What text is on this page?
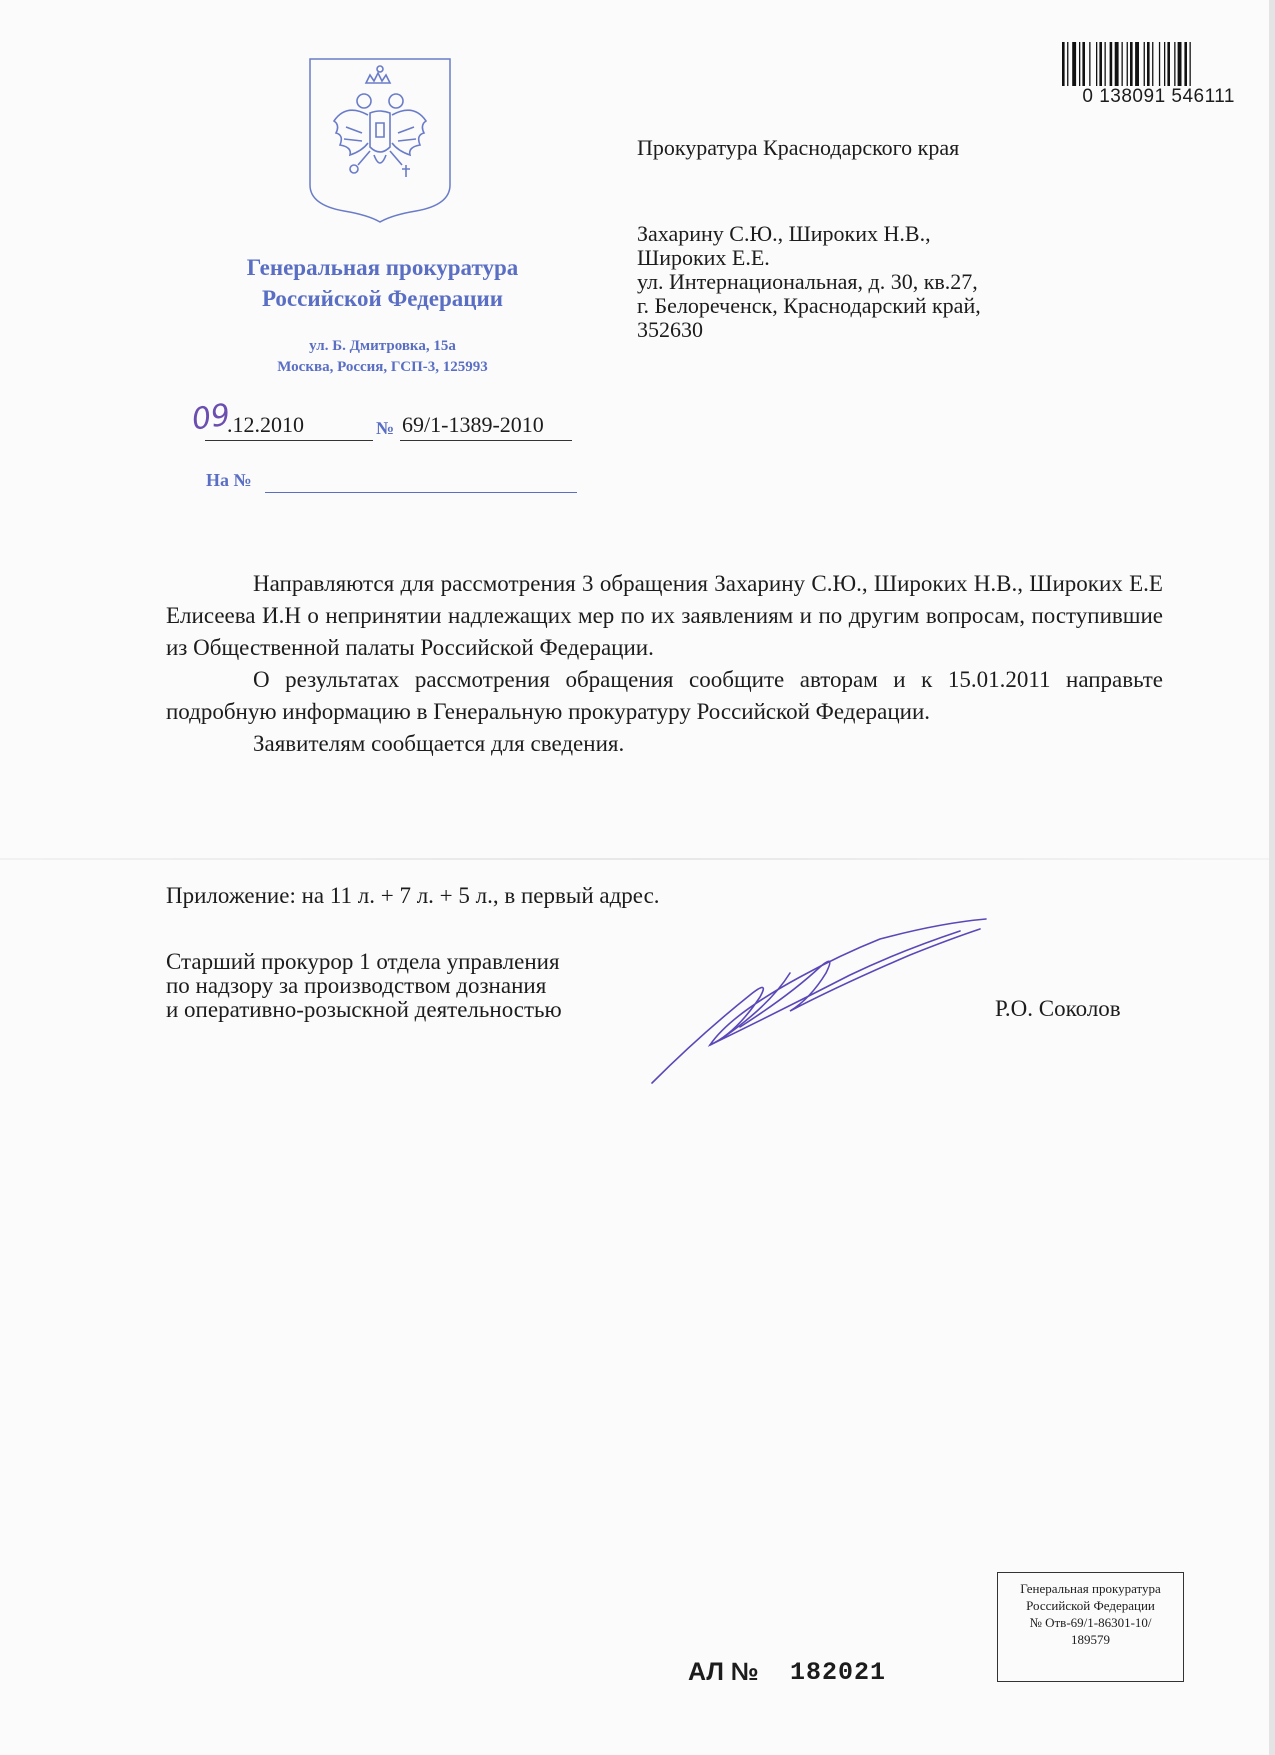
Генеральная прокуратура
Российской Федерации
ул. Б. Дмитровка, 15а
Москва, Россия, ГСП-3, 125993
09
.12.2010	№ 69/1-1389-2010
На №
0 138091 546111
Прокуратура Краснодарского края
Захарину С.Ю., Широких Н.В.,
Широких Е.Е.
ул. Интернациональная, д. 30, кв.27,
г. Белореченск, Краснодарский край,
352630

Направляются для рассмотрения 3 обращения Захарину С.Ю., Широких Н.В., Широких Е.Е Елисеева И.Н о непринятии надлежащих мер по их заявлениям и по другим вопросам, поступившие из Общественной палаты Российской Федерации.

О результатах рассмотрения обращения сообщите авторам и к 15.01.2011 направьте подробную информацию в Генеральную прокуратуру Российской Федерации.

Заявителям сообщается для сведения.

Приложение: на 11 л. + 7 л. + 5 л., в первый адрес.
Старший прокурор 1 отдела управления
по надзору за производством дознания
и оперативно-розыскной деятельностью	Р.О. Соколов
Генеральная прокуратура
Российской Федерации
№ Отв-69/1-86301-10/
189579
АЛ № 182021
